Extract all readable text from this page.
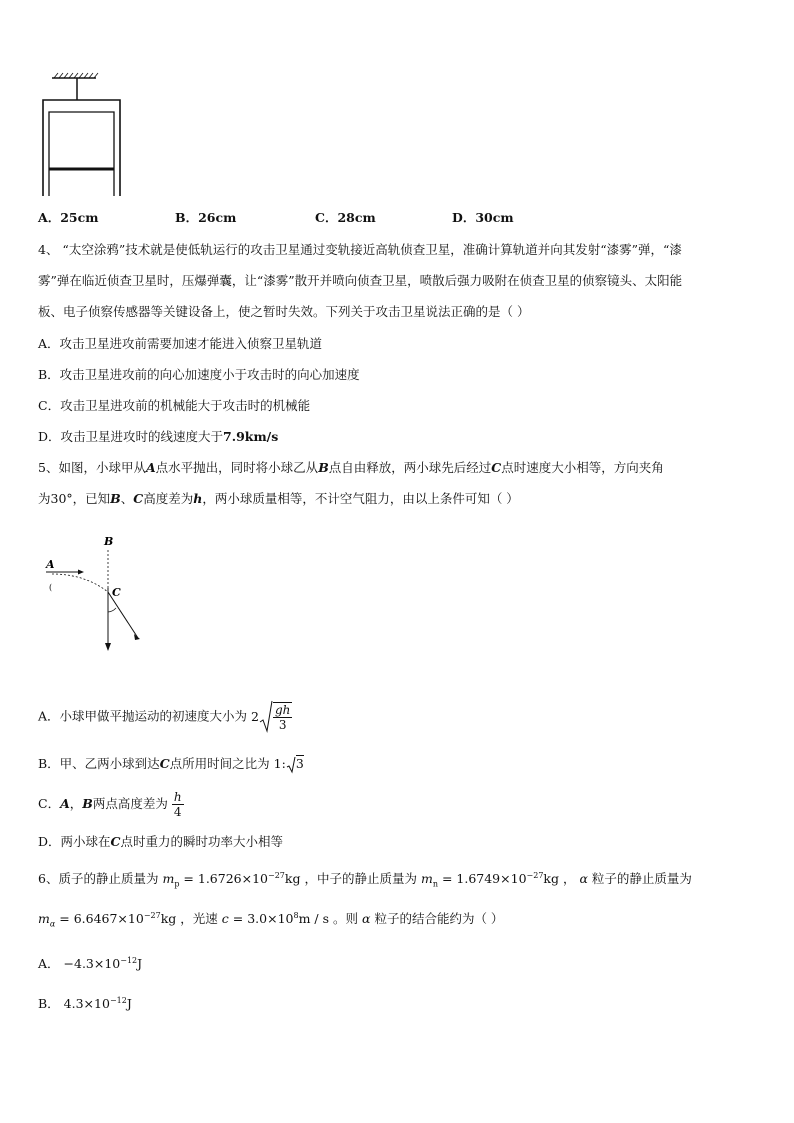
A．25cm	B．26cm	C．28cm	D．30cm
4、 “太空涂鸦”技术就是使低轨运行的攻击卫星通过变轨接近高轨侦查卫星，准确计算轨道并向其发射“漆雾”弹，“漆
雾”弹在临近侦查卫星时，压爆弹囊，让“漆雾”散开并喷向侦查卫星，喷散后强力吸附在侦查卫星的侦察镜头、太阳能
板、电子侦察传感器等关键设备上，使之暂时失效。下列关于攻击卫星说法正确的是（ ）
A．攻击卫星进攻前需要加速才能进入侦察卫星轨道
B．攻击卫星进攻前的向心加速度小于攻击时的向心加速度
C．攻击卫星进攻前的机械能大于攻击时的机械能
D．攻击卫星进攻时的线速度大于7.9km/s
5、如图，小球甲从A点水平抛出，同时将小球乙从B点自由释放，两小球先后经过C点时速度大小相等，方向夹角
为30°，已知B、C高度差为h，两小球质量相等，不计空气阻力，由以上条件可知（ ）
B
A
C
(
A．小球甲做平抛运动的初速度大小为 $2 \frac{gh}{3}$
B．甲、乙两小球到达C点所用时间之比为 1: 3
C．A，B两点高度差为 $\frac{h}{4}$
D．两小球在C点时重力的瞬时功率大小相等
6、质子的静止质量为 $m_p = 1.6726\times 10^{-27}kg$ ，中子的静止质量为 $m_n = 1.6749\times 10^{-27}kg$ ， α 粒子的静止质量为
$m_\alpha = 6.6467\times 10^{-27}kg$ ，光速 $c = 3.0\times 10^8m / s$ 。则 α 粒子的结合能约为（ ）
A． $-4.3\times 10^{-12}J$
B． $4.3\times 10^{-12}J$
